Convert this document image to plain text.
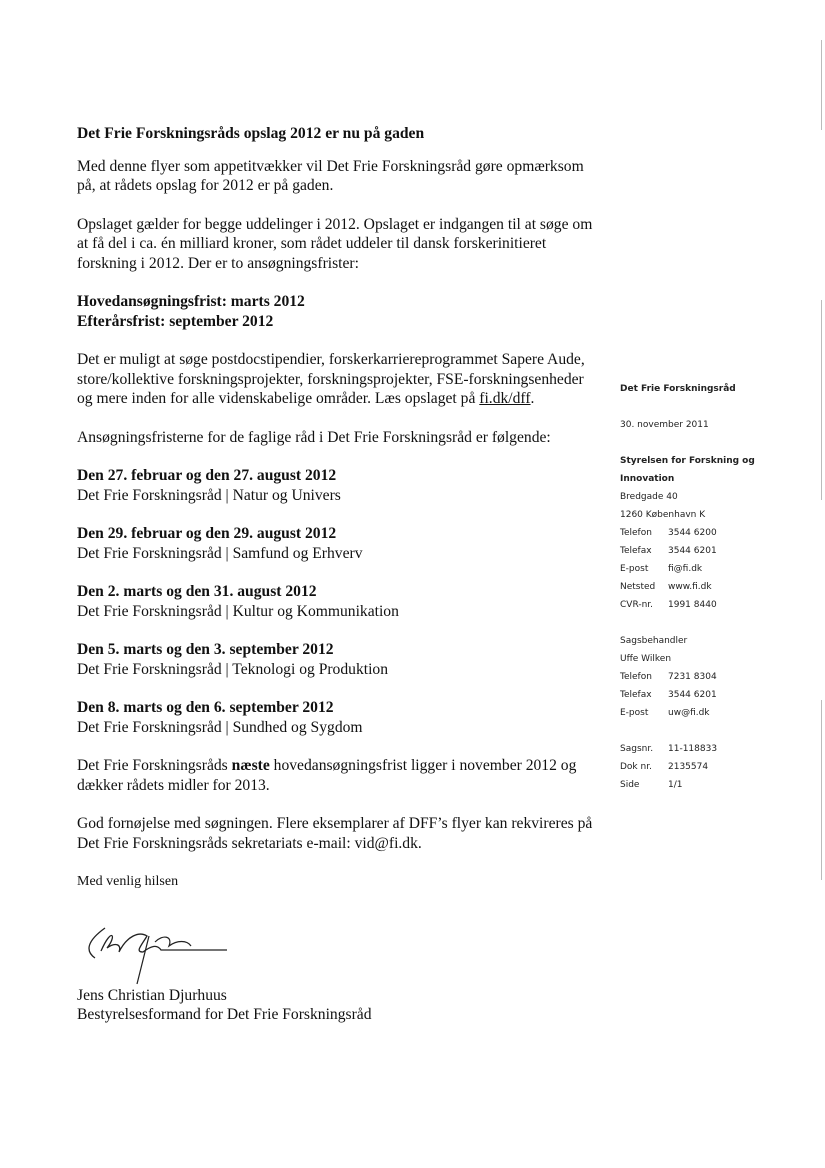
Det Frie Forskningsråds opslag 2012 er nu på gaden

Med denne flyer som appetitvækker vil Det Frie Forskningsråd gøre opmærksom på, at rådets opslag for 2012 er på gaden.

Opslaget gælder for begge uddelinger i 2012. Opslaget er indgangen til at søge om at få del i ca. én milliard kroner, som rådet uddeler til dansk forskerinitieret forskning i 2012. Der er to ansøgningsfrister:

Hovedansøgningsfrist: marts 2012

Efterårsfrist: september 2012

Det er muligt at søge postdocstipendier, forskerkarriereprogrammet Sapere Aude, store/kollektive forskningsprojekter, forskningsprojekter, FSE-forskningsenheder og mere inden for alle videnskabelige områder. Læs opslaget på fi.dk/dff.

Ansøgningsfristerne for de faglige råd i Det Frie Forskningsråd er følgende:

Den 27. februar og den 27. august 2012

Det Frie Forskningsråd | Natur og Univers

Den 29. februar og den 29. august 2012

Det Frie Forskningsråd | Samfund og Erhverv

Den 2. marts og den 31. august 2012

Det Frie Forskningsråd | Kultur og Kommunikation

Den 5. marts og den 3. september 2012

Det Frie Forskningsråd | Teknologi og Produktion

Den 8. marts og den 6. september 2012

Det Frie Forskningsråd | Sundhed og Sygdom

Det Frie Forskningsråds næste hovedansøgningsfrist ligger i november 2012 og dækker rådets midler for 2013.

God fornøjelse med søgningen. Flere eksemplarer af DFF’s flyer kan rekvireres på Det Frie Forskningsråds sekretariats e-mail: vid@fi.dk.

Med venlig hilsen

Jens Christian Djurhuus

Bestyrelsesformand for Det Frie Forskningsråd

Det Frie Forskningsråd
30. november 2011
Styrelsen for Forskning og
Innovation
Bredgade 40
1260 København K
Telefon	3544 6200
Telefax	3544 6201
E-post	fi@fi.dk
Netsted	www.fi.dk
CVR-nr.	1991 8440
Sagsbehandler
Uffe Wilken
Telefon	7231 8304
Telefax	3544 6201
E-post	uw@fi.dk
Sagsnr.	11-118833
Dok nr.	2135574
Side	1/1
